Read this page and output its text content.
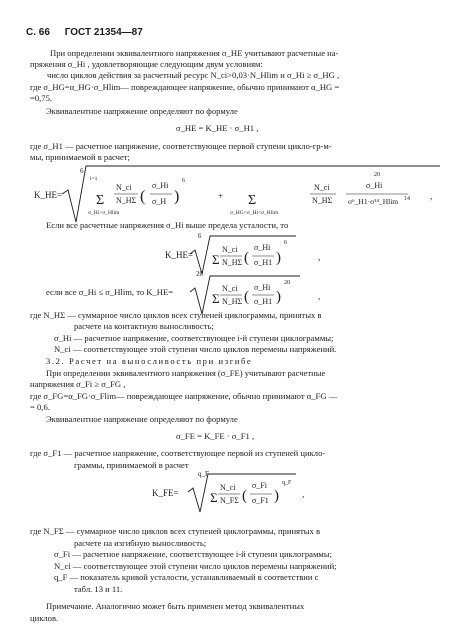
С. 66 ГОСТ 21354—87
При определении эквивалентного напряжения σ_HE учитывают расчетные на-
пряжения σ_Hi , удовлетворяющие следующим двум условиям:
число циклов действия за расчетный ресурс N_ci>0,03·N_Hlim и σ_Hi ≥ σ_HG ,
где σ_HG=α_HG·σ_Hlim— повреждающее напряжение, обычно принимают α_HG =
=0,75.
Эквивалентное напряжение определяют по формуле
σ_HE = K_HE · σ_H1 ,
где σ_H1 — расчетное напряжение, соответствующее первой ступени цикло-гр-м-
мы, принимаемой в расчет;
K_HE=
6
Σ
i=1
σ_Hi>σ_Hlim
N_ci
N_HΣ (
σ_Hi
σ_H )
6
+ Σ
σ_HG<σ_Hi<σ_Hlim
N_ci
N_HΣ
20
σ_Hi
σ⁶_H1·σ¹⁴_Hlim 14 ,
Если все расчетные напряжения σ_Hi выше предела усталости, то
K_HE=
6
Σ
N_ci
N_HΣ (
σ_Hi
σ_H1 )
6
,
если все σ_Hi ≤ σ_Hlim, то K_HE=
20
Σ
N_ci
N_HΣ (
σ_Hi
σ_H1 )
20
,
где N_HΣ — суммарное число циклов всех ступеней циклограммы, принятых в
расчете на контактную выносливость;
σ_Hi — расчетное напряжение, соответствующее i-й ступени циклограммы;
N_ci — соответствующее этой ступени число циклов перемены напряжений.
3.2. Расчет на выносливость при изгибе
При определении эквивалентного напряжения (σ_FE) учитывают расчетные
напряжения σ_Fi ≥ σ_FG ,
где σ_FG=α_FG·σ_Flim— повреждающее напряжение, обычно принимают α_FG —
= 0,6.
Эквивалентное напряжение определяют по формуле
σ_FE = K_FE · σ_F1 ,
где σ_F1 — расчетное напряжение, соответствующее первой из ступеней цикло-
граммы, принимаемой в расчет
K_FE=
q_F
Σ
N_ci
N_FΣ (
σ_Fi
σ_F1 )
q_F
,
где N_FΣ — суммарное число циклов всех ступеней циклограммы, принятых в
расчете на изгибную выносливость;
σ_Fi — расчетное напряжение, соответствующее i-й ступени циклограммы;
N_ci — соответствующее этой ступени число циклов перемены напряжений;
q_F — показатель кривой усталости, устанавливаемый в соответствии с
табл. 13 и 11.
Примечание. Аналогично может быть применен метод эквивалентных
циклов.
